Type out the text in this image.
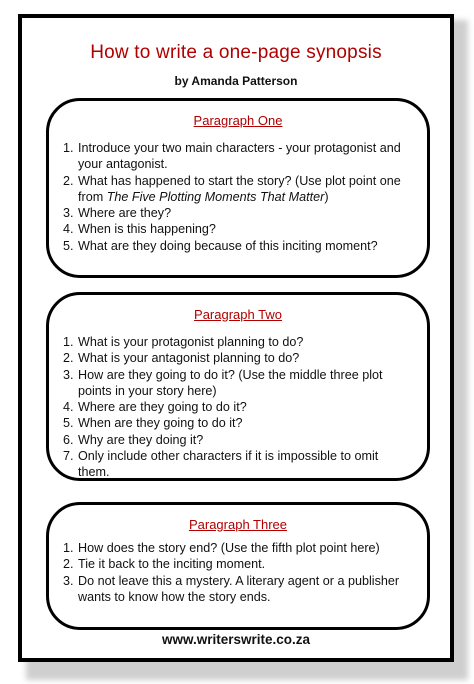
How to write a one-page synopsis
by Amanda Patterson
Paragraph One
1. Introduce your two main characters - your protagonist and your antagonist.
2. What has happened to start the story? (Use plot point one from The Five Plotting Moments That Matter)
3. Where are they?
4. When is this happening?
5. What are they doing because of this inciting moment?
Paragraph Two
1. What is your protagonist planning to do?
2. What is your antagonist planning to do?
3. How are they going to do it? (Use the middle three plot points in your story here)
4. Where are they going to do it?
5. When are they going to do it?
6. Why are they doing it?
7. Only include other characters if it is impossible to omit them.
Paragraph Three
1. How does the story end? (Use the fifth plot point here)
2. Tie it back to the inciting moment.
3. Do not leave this a mystery. A literary agent or a publisher wants to know how the story ends.
www.writerswrite.co.za
